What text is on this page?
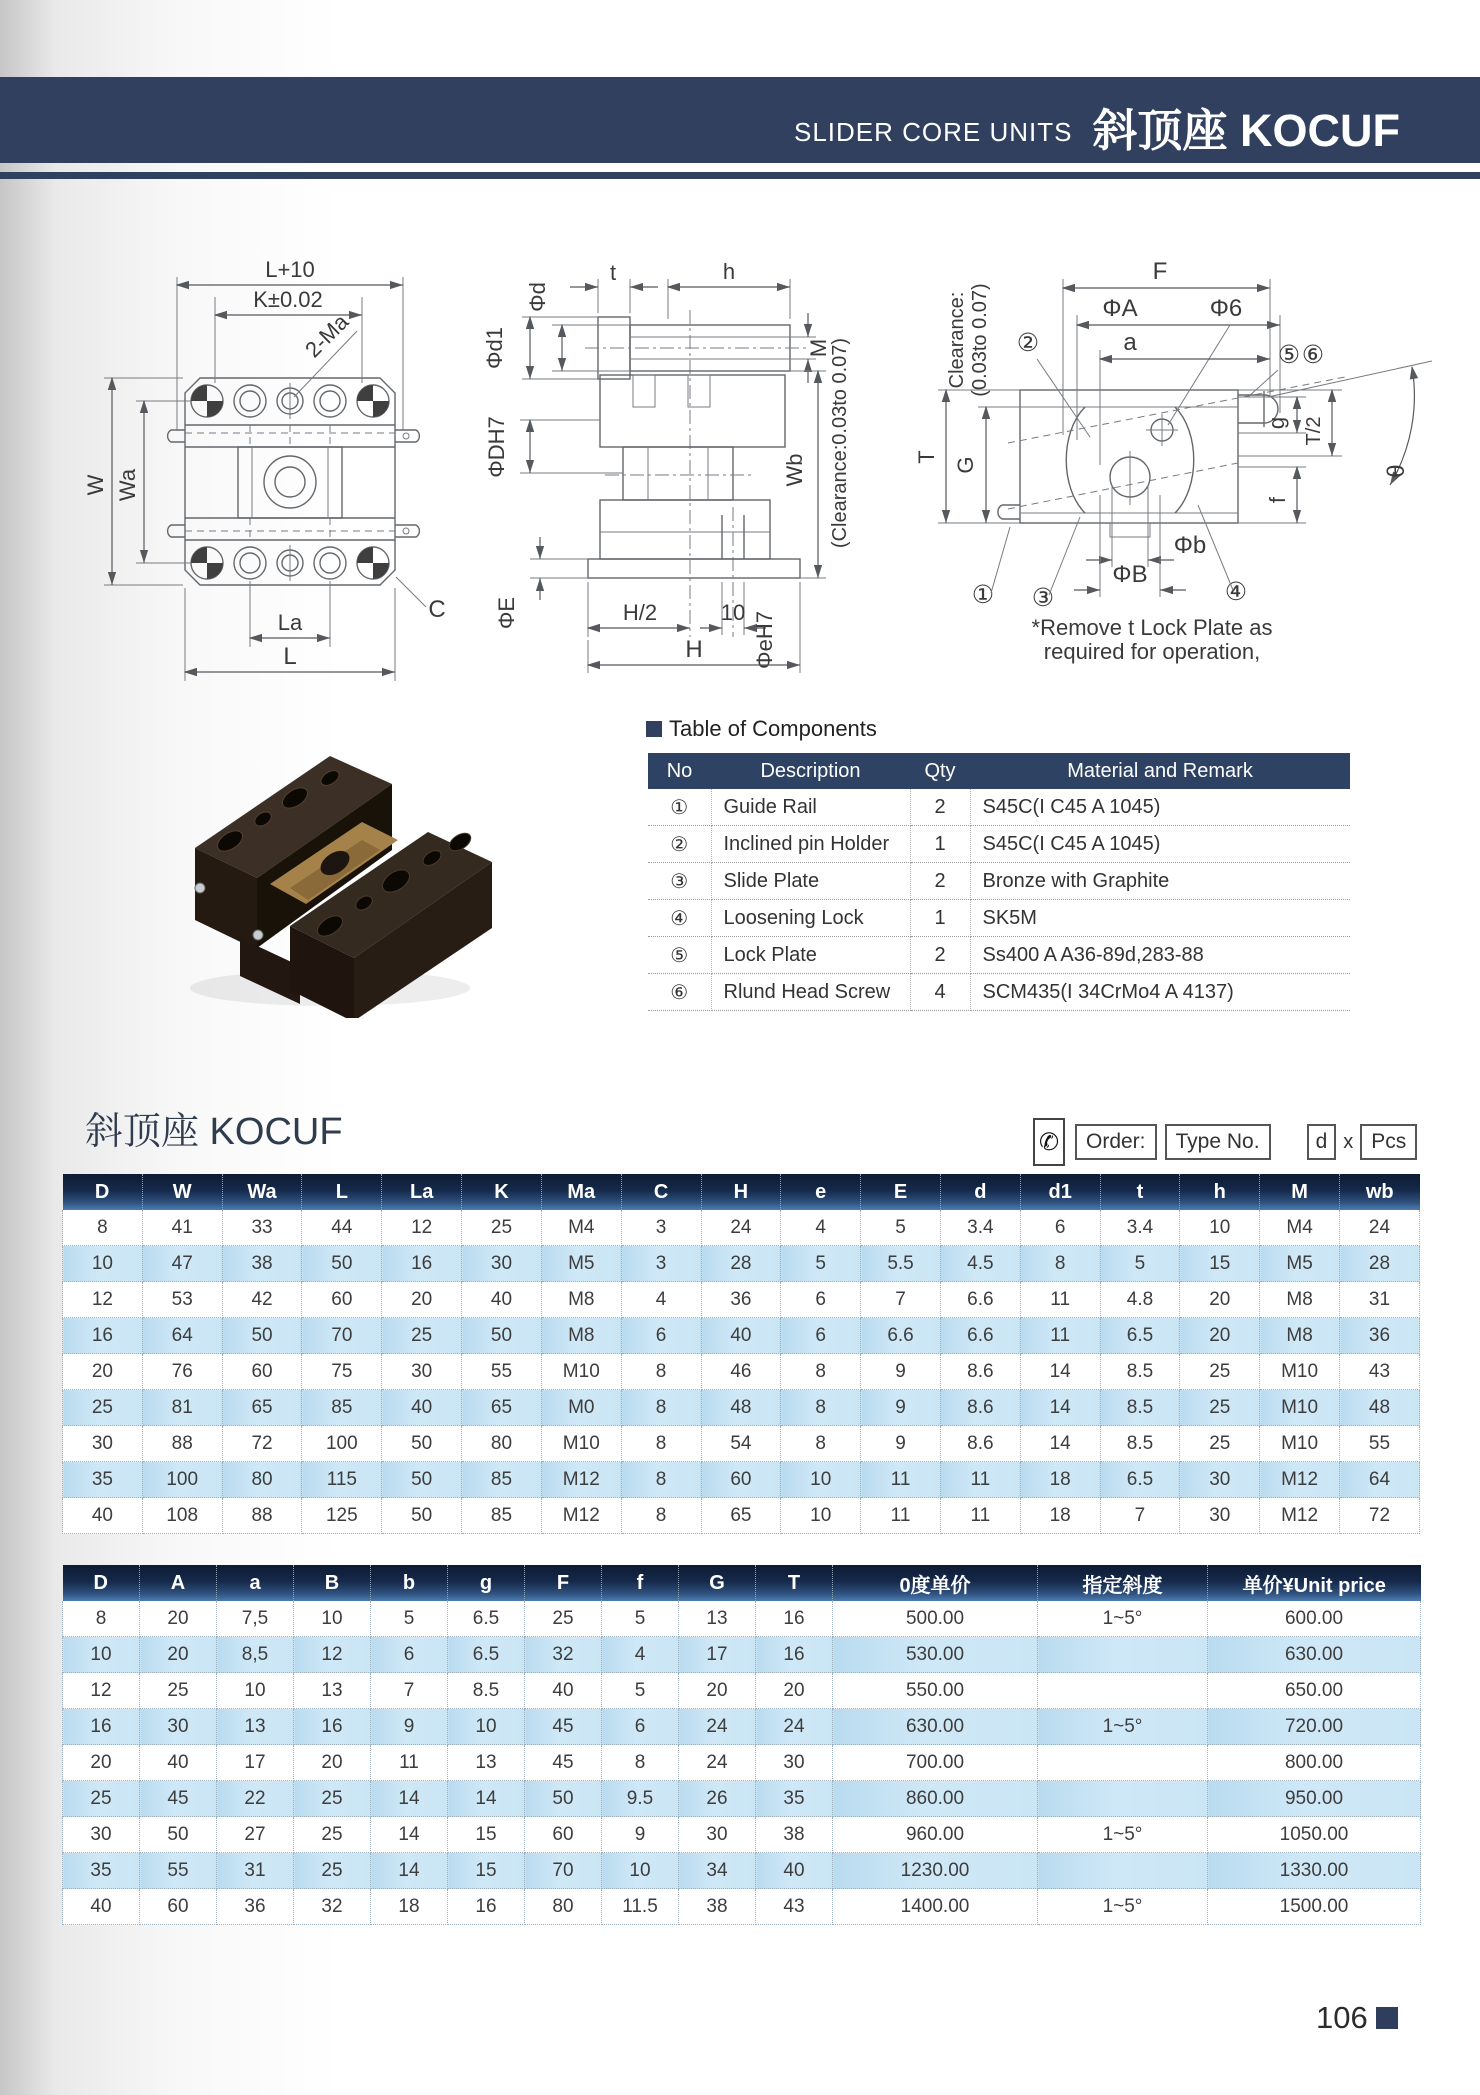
SLIDER CORE UNITS 斜顶座 KOCUF
L+10
K±0.02
2-Ma
W Wa
La
L
C
t	h
Φd
Φd1	M
ΦDH7	Wb (Clearance:0.03to 0.07)
ΦE	H/2	10 ΦeH7
H
F
ΦA	Φ6
a
②	⑤ ⑥
Clearance: (0.03to 0.07)
T G
g T/2
f
θ
Φb
ΦB
① ③	④
*Remove t Lock Plate as
required for operation,
Table of Components
No	Description	Qty	Material and Remark
①	Guide Rail	2	S45C(I C45 A 1045)
②	Inclined pin Holder	1	S45C(I C45 A 1045)
③	Slide Plate	2	Bronze with Graphite
④	Loosening Lock	1	SK5M
⑤	Lock Plate	2	Ss400 A A36-89d,283-88
⑥	Rlund Head Screw	4	SCM435(I 34CrMo4 A 4137)
斜顶座 KOCUF	✆	Order:	Type No.	d x Pcs
D	W	Wa	L	La	K	Ma	C	H	e	E	d	d1	t	h	M	wb
8	41	33	44	12	25	M4	3	24	4	5	3.4	6	3.4	10	M4	24
10	47	38	50	16	30	M5	3	28	5	5.5	4.5	8	5	15	M5	28
12	53	42	60	20	40	M8	4	36	6	7	6.6	11	4.8	20	M8	31
16	64	50	70	25	50	M8	6	40	6	6.6	6.6	11	6.5	20	M8	36
20	76	60	75	30	55	M10	8	46	8	9	8.6	14	8.5	25	M10	43
25	81	65	85	40	65	M0	8	48	8	9	8.6	14	8.5	25	M10	48
30	88	72	100	50	80	M10	8	54	8	9	8.6	14	8.5	25	M10	55
35	100	80	115	50	85	M12	8	60	10	11	11	18	6.5	30	M12	64
40	108	88	125	50	85	M12	8	65	10	11	11	18	7	30	M12	72
D	A	a	B	b	g	F	f	G	T	0度单价	指定斜度	单价¥Unit price
8	20	7,5	10	5	6.5	25	5	13	16	500.00	1~5°	600.00
10	20	8,5	12	6	6.5	32	4	17	16	530.00		630.00
12	25	10	13	7	8.5	40	5	20	20	550.00		650.00
16	30	13	16	9	10	45	6	24	24	630.00	1~5°	720.00
20	40	17	20	11	13	45	8	24	30	700.00		800.00
25	45	22	25	14	14	50	9.5	26	35	860.00		950.00
30	50	27	25	14	15	60	9	30	38	960.00	1~5°	1050.00
35	55	31	25	14	15	70	10	34	40	1230.00		1330.00
40	60	36	32	18	16	80	11.5	38	43	1400.00	1~5°	1500.00
106
